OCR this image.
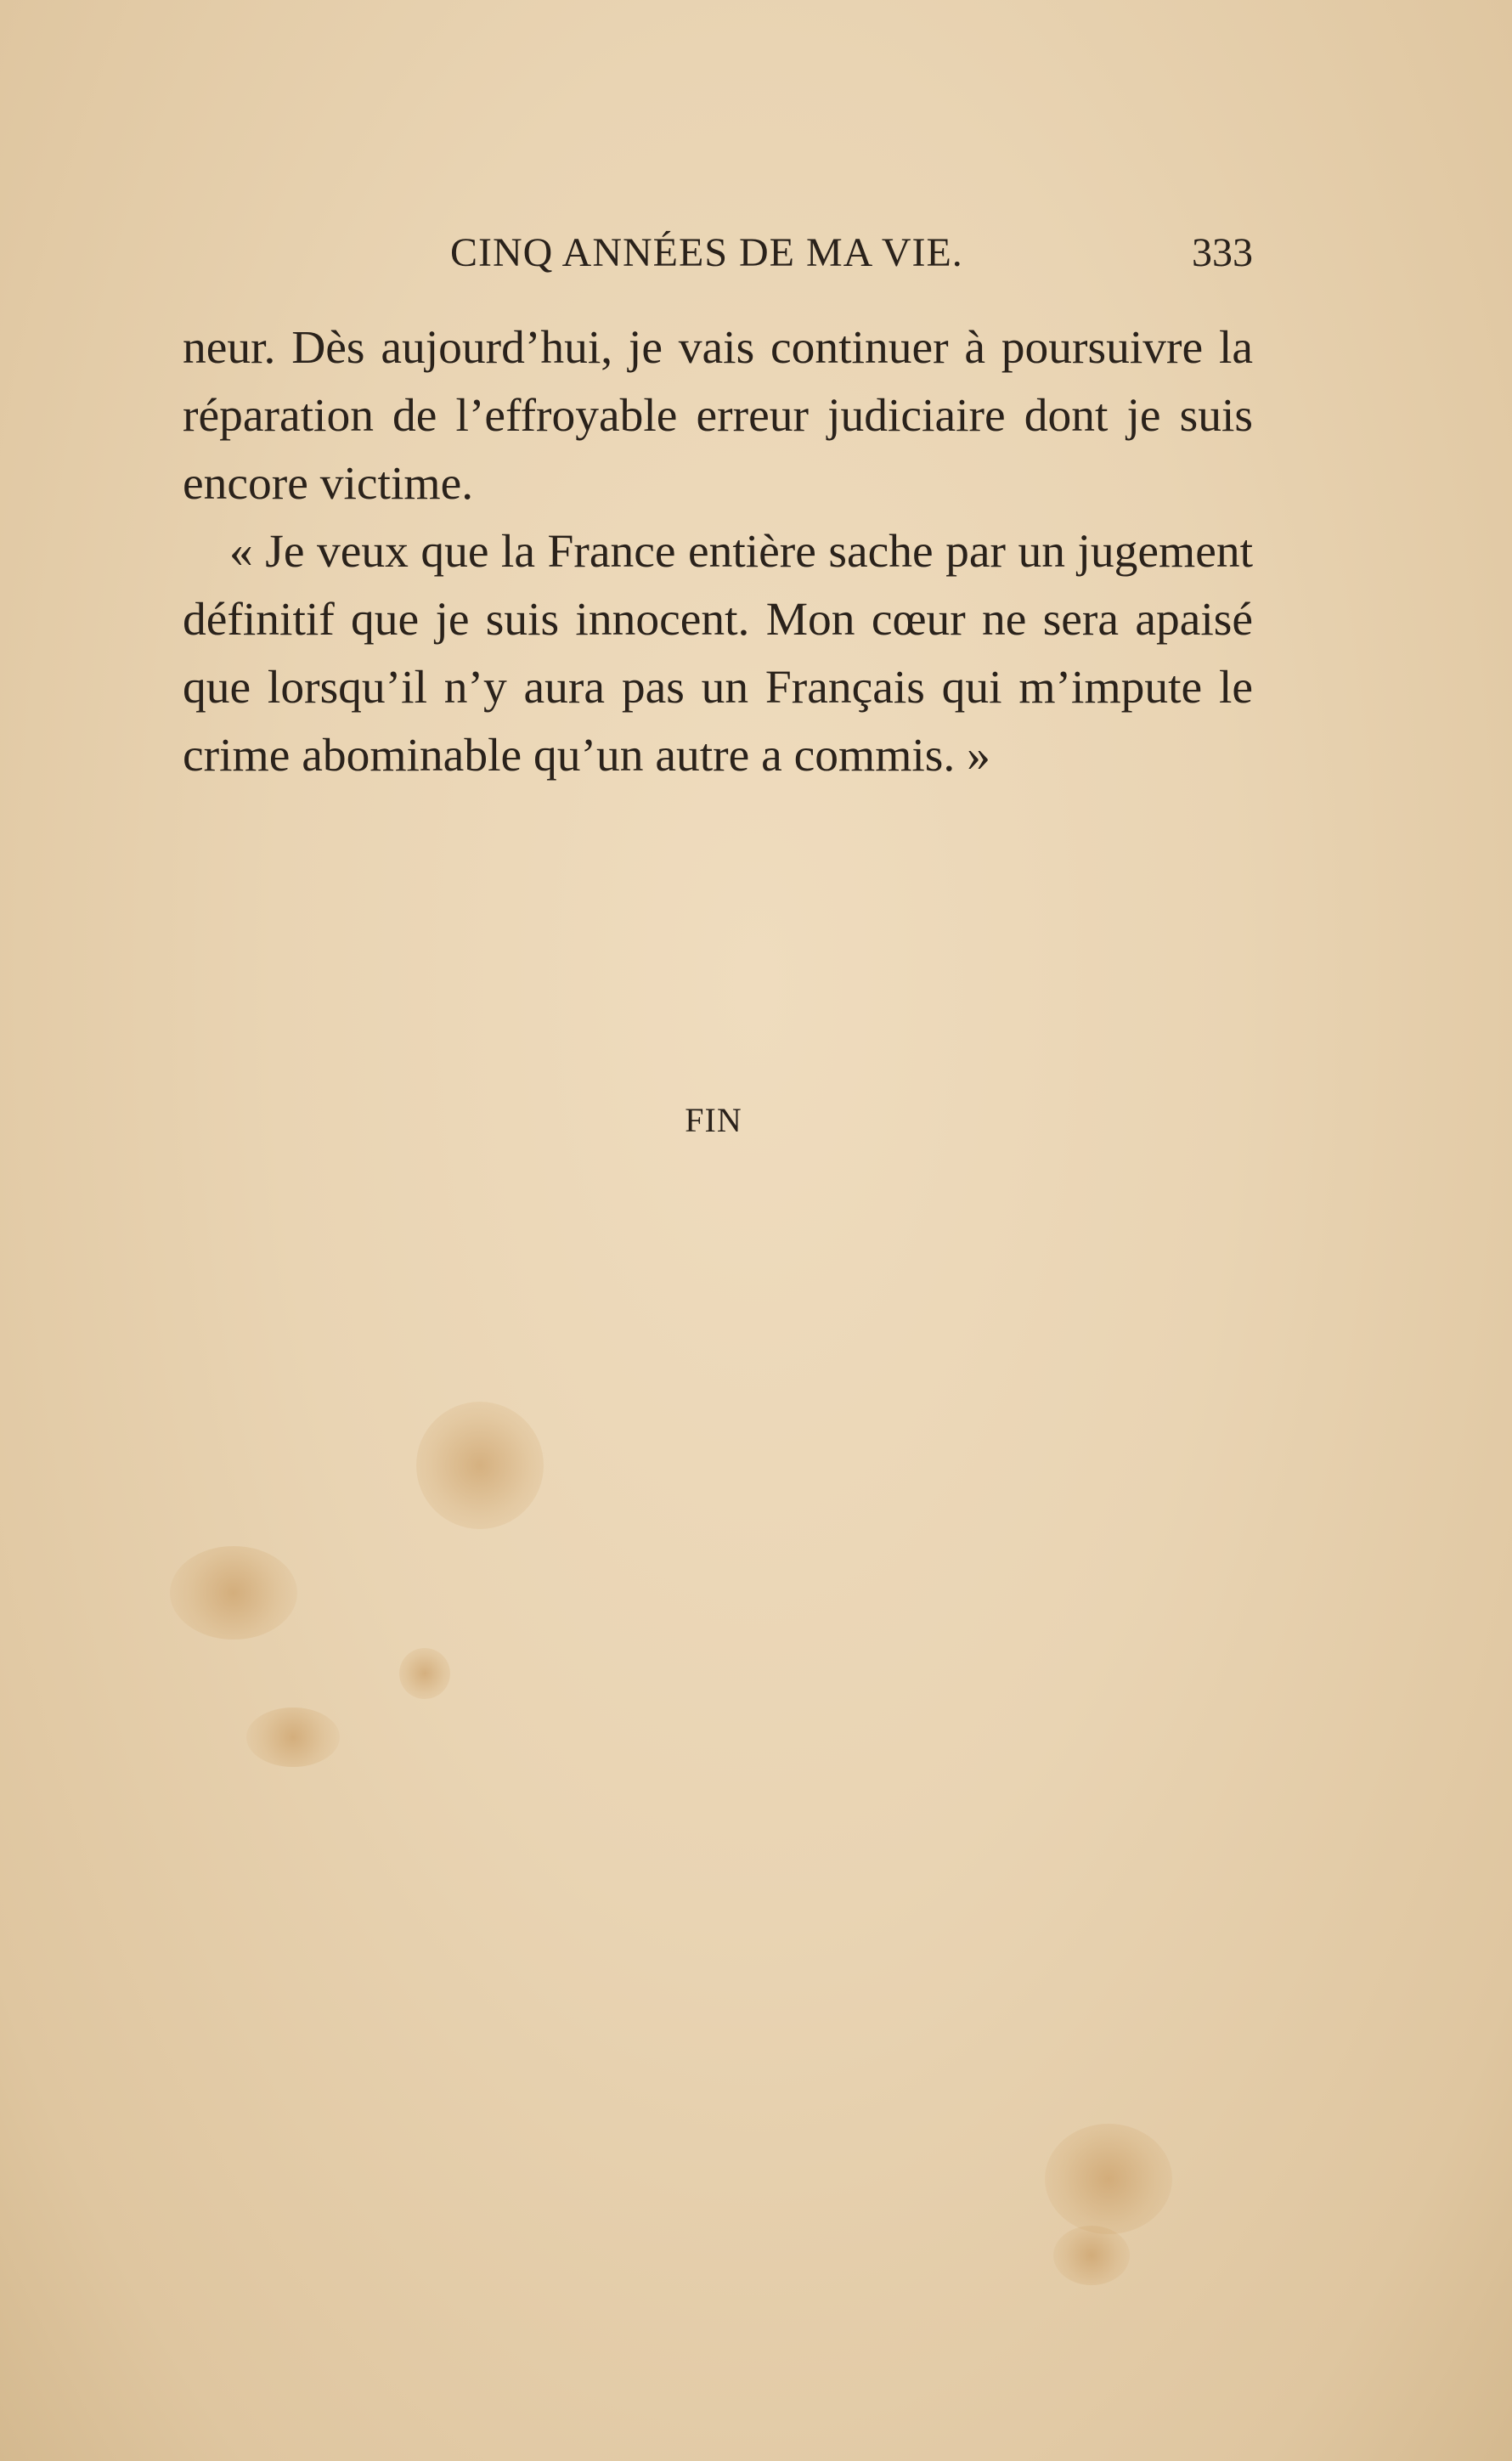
CINQ ANNÉES DE MA VIE.	333

neur. Dès aujourd’hui, je vais continuer à poursuivre la réparation de l’effroyable erreur judiciaire dont je suis encore victime.

« Je veux que la France entière sache par un jugement définitif que je suis innocent. Mon cœur ne sera apaisé que lorsqu’il n’y aura pas un Français qui m’impute le crime abominable qu’un autre a commis. »

FIN
